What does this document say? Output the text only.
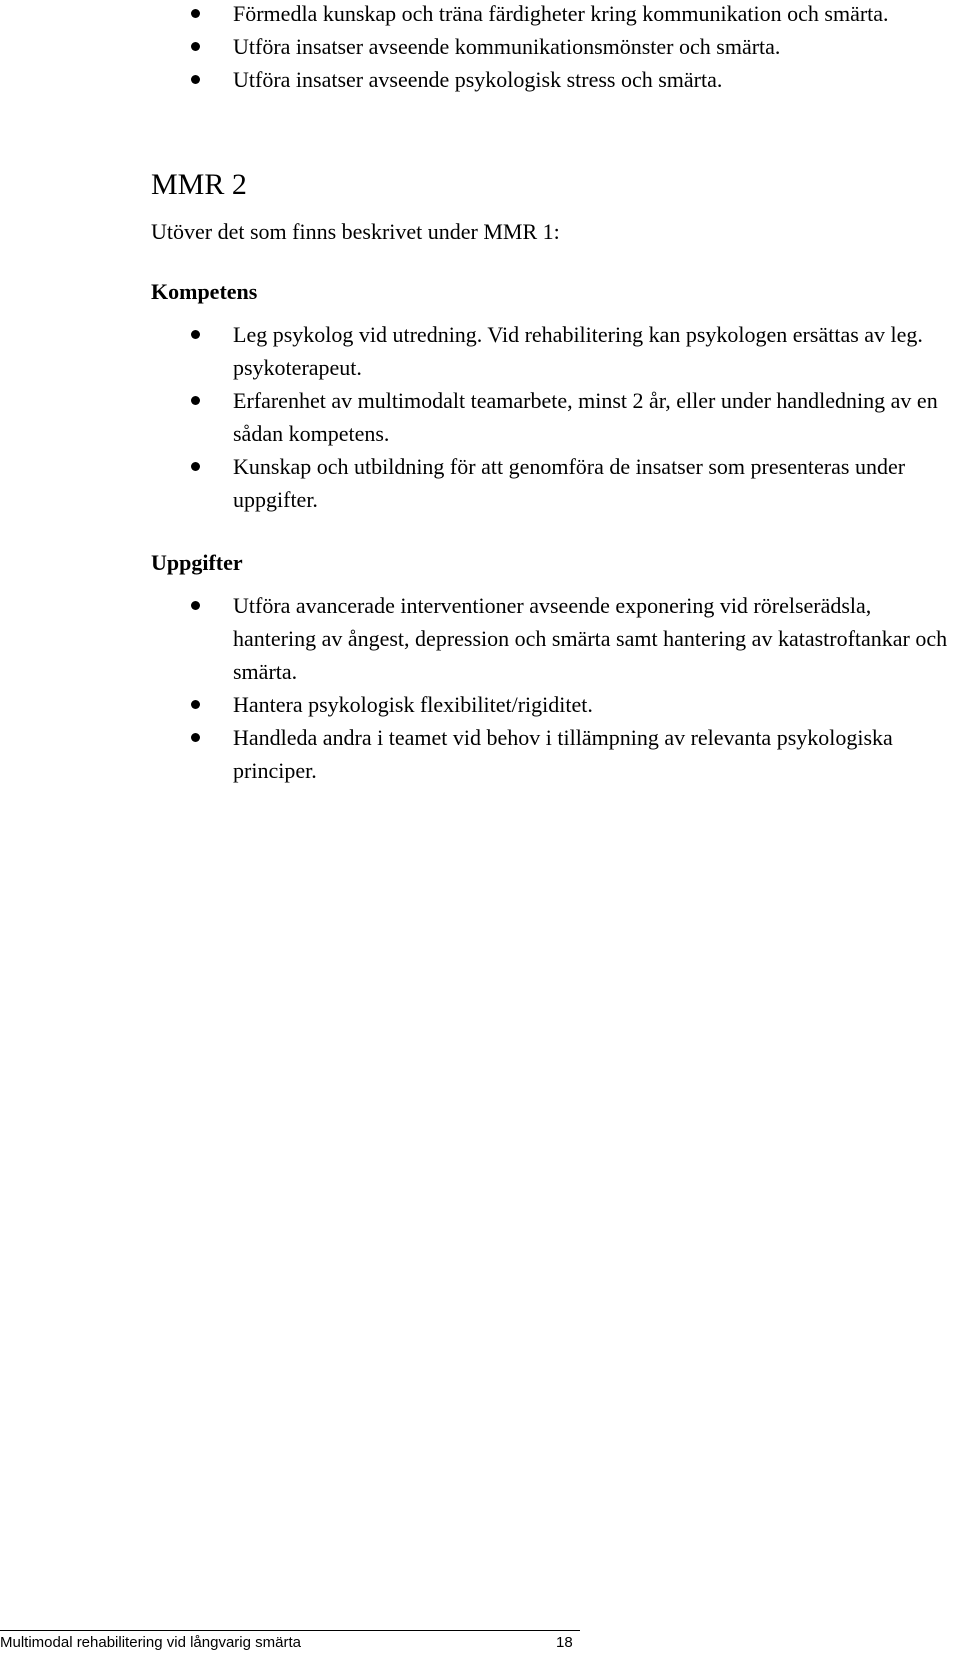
Förmedla kunskap och träna färdigheter kring kommunikation och smärta.
Utföra insatser avseende kommunikationsmönster och smärta.
Utföra insatser avseende psykologisk stress och smärta.
MMR 2

Utöver det som finns beskrivet under MMR 1:

Kompetens
Leg psykolog vid utredning. Vid rehabilitering kan psykologen ersättas av leg. psykoterapeut.
Erfarenhet av multimodalt teamarbete, minst 2 år, eller under handledning av en sådan kompetens.
Kunskap och utbildning för att genomföra de insatser som presenteras under uppgifter.
Uppgifter
Utföra avancerade interventioner avseende exponering vid rörelserädsla, hantering av ångest, depression och smärta samt hantering av katastroftankar och smärta.
Hantera psykologisk flexibilitet/rigiditet.
Handleda andra i teamet vid behov i tillämpning av relevanta psykologiska principer.
Multimodal rehabilitering vid långvarig smärta	18
